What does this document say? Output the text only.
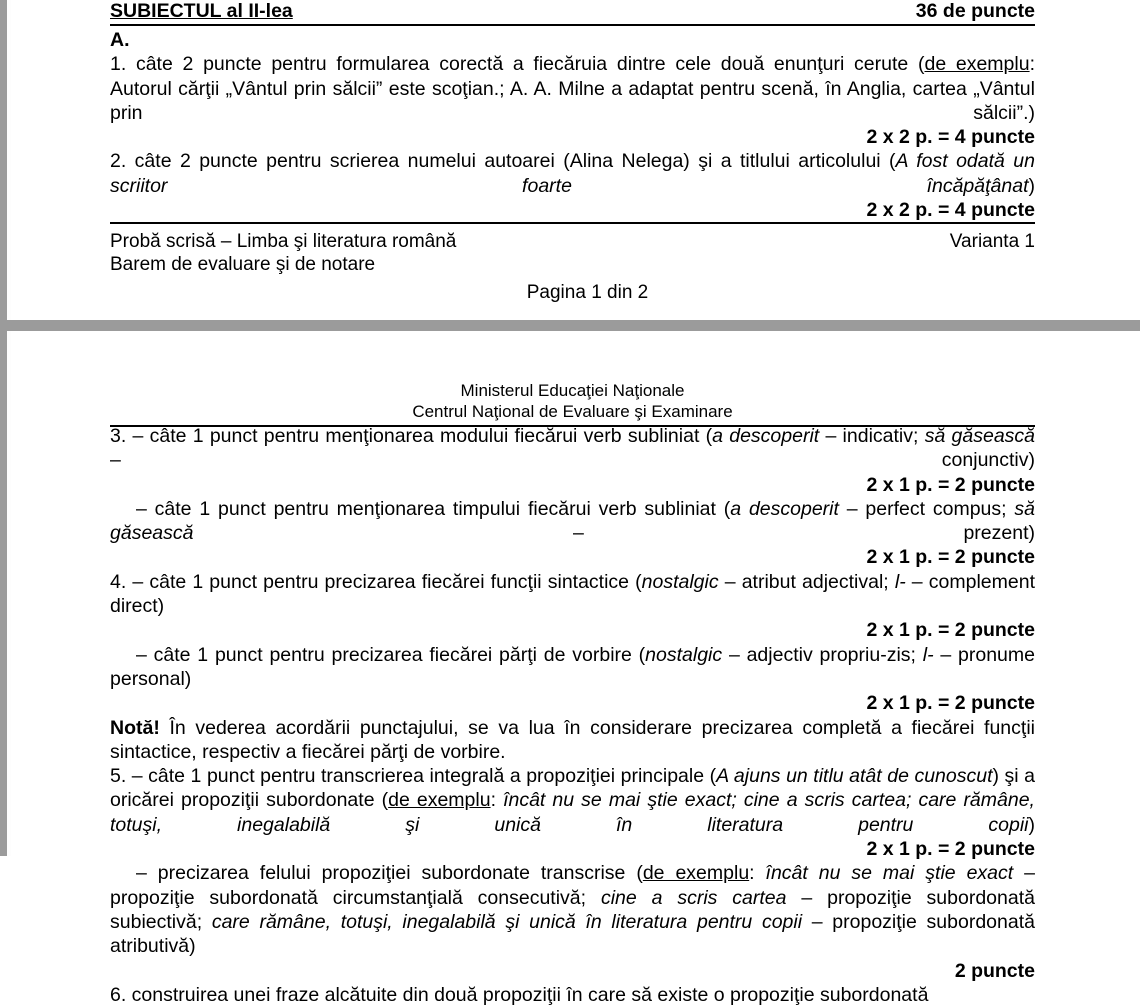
SUBIECTUL al II-lea	36 de puncte
A.
1. câte 2 puncte pentru formularea corectă a fiecăruia dintre cele două enunţuri cerute (de exemplu: Autorul cărţii „Vântul prin sălcii” este scoţian.; A. A. Milne a adaptat pentru scenă, în Anglia, cartea „Vântul prin sălcii”.)

2 x 2 p. = 4 puncte
2. câte 2 puncte pentru scrierea numelui autoarei (Alina Nelega) şi a titlului articolului (A fost odată un scriitor foarte încăpăţânat)

2 x 2 p. = 4 puncte
Probă scrisă – Limba şi literatura română	Varianta 1
Barem de evaluare şi de notare
Pagina 1 din 2
Ministerul Educaţiei Naţionale
Centrul Naţional de Evaluare şi Examinare
3. – câte 1 punct pentru menţionarea modului fiecărui verb subliniat (a descoperit – indicativ; să găsească – conjunctiv)

2 x 1 p. = 2 puncte
– câte 1 punct pentru menţionarea timpului fiecărui verb subliniat (a descoperit – perfect compus; să găsească – prezent)

2 x 1 p. = 2 puncte
4. – câte 1 punct pentru precizarea fiecărei funcţii sintactice (nostalgic – atribut adjectival; l- – complement direct)

2 x 1 p. = 2 puncte
– câte 1 punct pentru precizarea fiecărei părţi de vorbire (nostalgic – adjectiv propriu-zis; l- – pronume personal)

2 x 1 p. = 2 puncte
Notă! În vederea acordării punctajului, se va lua în considerare precizarea completă a fiecărei funcţii sintactice, respectiv a fiecărei părţi de vorbire.
5. – câte 1 punct pentru transcrierea integrală a propoziţiei principale (A ajuns un titlu atât de cunoscut) şi a oricărei propoziţii subordonate (de exemplu: încât nu se mai ştie exact; cine a scris cartea; care rămâne, totuşi, inegalabilă şi unică în literatura pentru copii)

2 x 1 p. = 2 puncte
– precizarea felului propoziţiei subordonate transcrise (de exemplu: încât nu se mai ştie exact – propoziţie subordonată circumstanţială consecutivă; cine a scris cartea – propoziţie subordonată subiectivă; care rămâne, totuşi, inegalabilă şi unică în literatura pentru copii – propoziţie subordonată atributivă)

2 puncte
6. construirea unei fraze alcătuite din două propoziţii în care să existe o propoziţie subordonată
